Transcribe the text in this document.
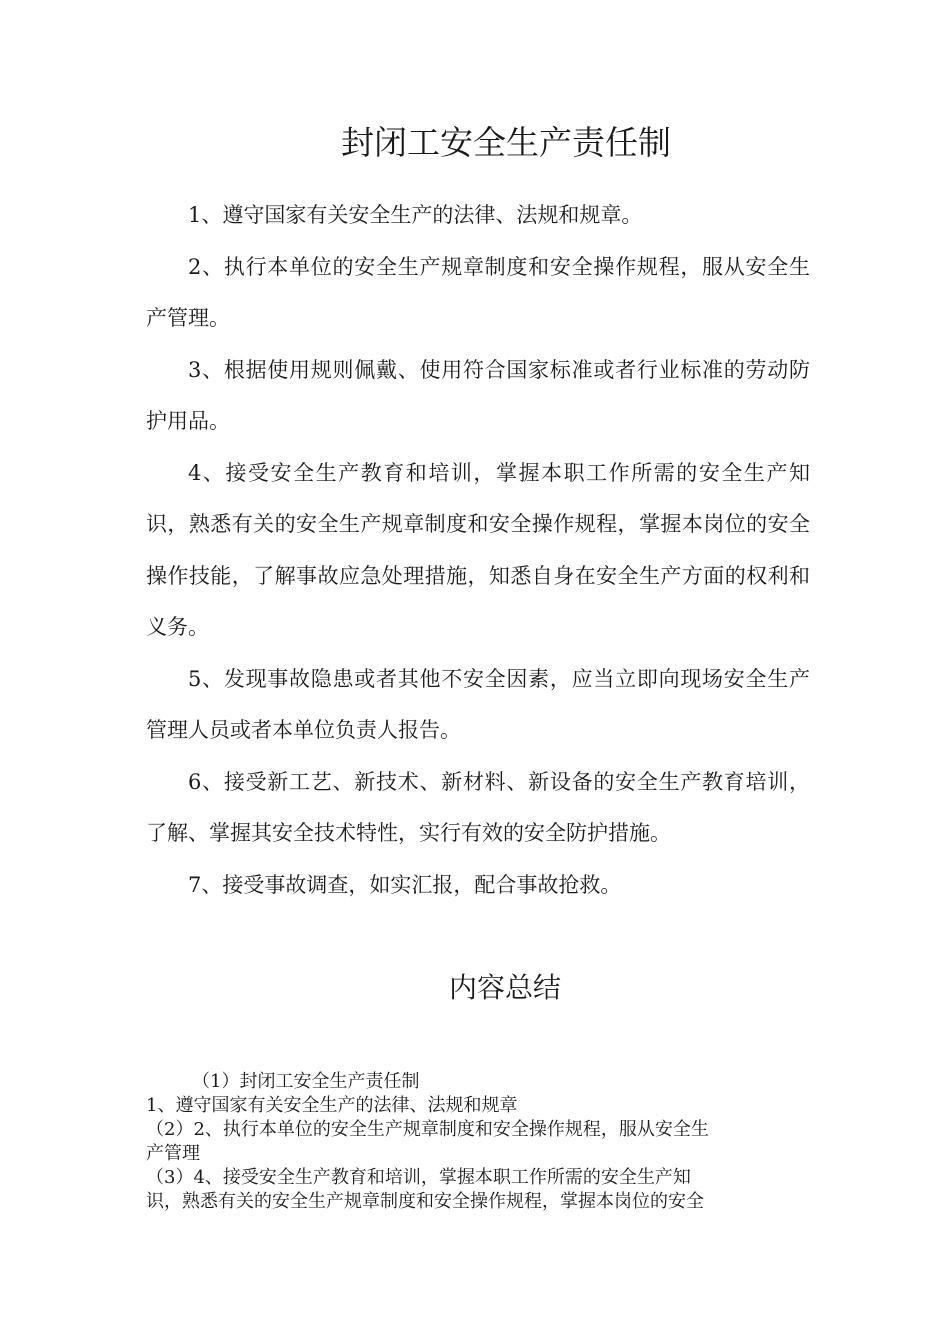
封闭工安全生产责任制

1、遵守国家有关安全生产的法律、法规和规章。

2、执行本单位的安全生产规章制度和安全操作规程，服从安全生产管理。

3、根据使用规则佩戴、使用符合国家标准或者行业标准的劳动防护用品。

4、接受安全生产教育和培训，掌握本职工作所需的安全生产知识，熟悉有关的安全生产规章制度和安全操作规程，掌握本岗位的安全操作技能，了解事故应急处理措施，知悉自身在安全生产方面的权利和义务。

5、发现事故隐患或者其他不安全因素，应当立即向现场安全生产管理人员或者本单位负责人报告。

6、接受新工艺、新技术、新材料、新设备的安全生产教育培训，了解、掌握其安全技术特性，实行有效的安全防护措施。

7、接受事故调查，如实汇报，配合事故抢救。

内容总结

（1）封闭工安全生产责任制

1、遵守国家有关安全生产的法律、法规和规章

（2）2、执行本单位的安全生产规章制度和安全操作规程，服从安全生

产管理

（3）4、接受安全生产教育和培训，掌握本职工作所需的安全生产知

识，熟悉有关的安全生产规章制度和安全操作规程，掌握本岗位的安全
